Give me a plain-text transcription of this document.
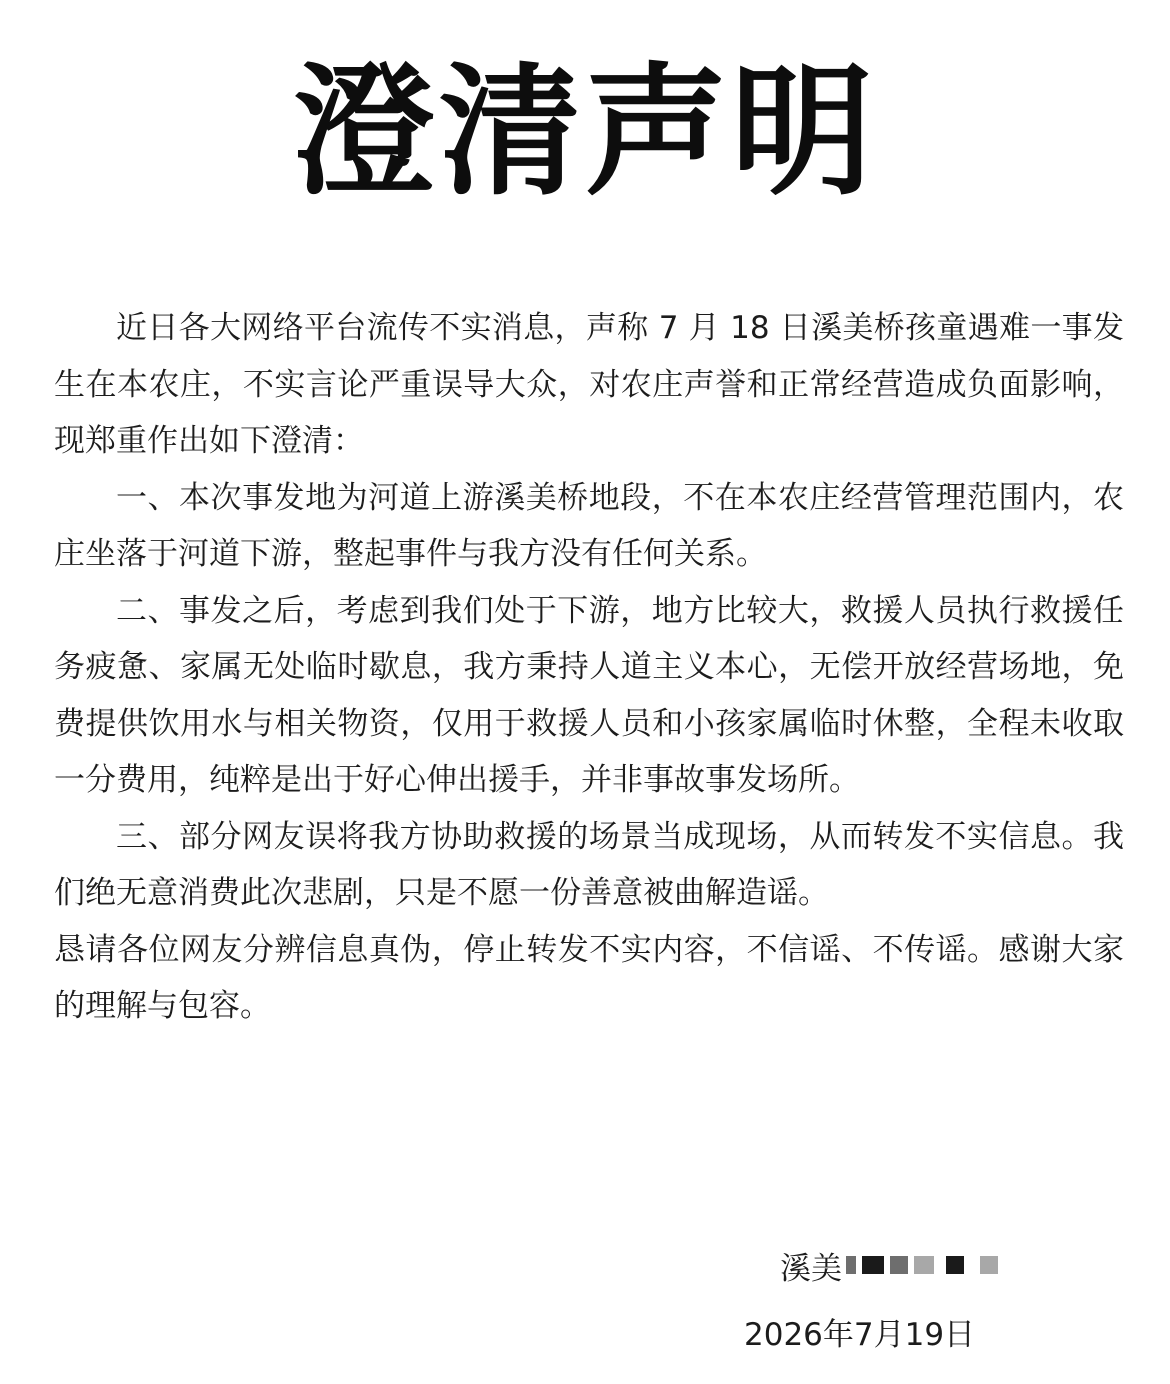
澄清声明

近日各大网络平台流传不实消息，声称 7 月 18 日溪美桥孩童遇难一事发生在本农庄，不实言论严重误导大众，对农庄声誉和正常经营造成负面影响，现郑重作出如下澄清：

一、本次事发地为河道上游溪美桥地段，不在本农庄经营管理范围内，农庄坐落于河道下游，整起事件与我方没有任何关系。

二、事发之后，考虑到我们处于下游，地方比较大，救援人员执行救援任务疲惫、家属无处临时歇息，我方秉持人道主义本心，无偿开放经营场地，免费提供饮用水与相关物资，仅用于救援人员和小孩家属临时休整，全程未收取一分费用，纯粹是出于好心伸出援手，并非事故事发场所。

三、部分网友误将我方协助救援的场景当成现场，从而转发不实信息。我们绝无意消费此次悲剧，只是不愿一份善意被曲解造谣。

恳请各位网友分辨信息真伪，停止转发不实内容，不信谣、不传谣。感谢大家的理解与包容。

溪美
2026年7月19日
